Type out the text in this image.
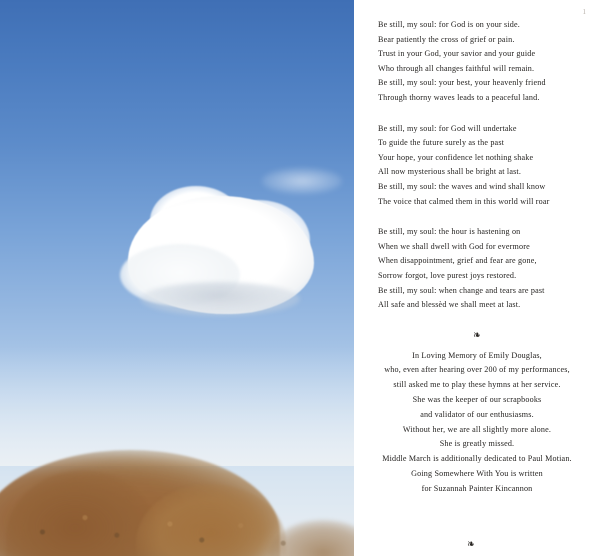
1
Be still, my soul: for God is on your side.
Bear patiently the cross of grief or pain.
Trust in your God, your savior and your guide
Who through all changes faithful will remain.
Be still, my soul: your best, your heavenly friend
Through thorny waves leads to a peaceful land.
Be still, my soul: for God will undertake
To guide the future surely as the past
Your hope, your confidence let nothing shake
All now mysterious shall be bright at last.
Be still, my soul: the waves and wind shall know
The voice that calmed them in this world will roar
Be still, my soul: the hour is hastening on
When we shall dwell with God for evermore
When disappointment, grief and fear are gone,
Sorrow forgot, love purest joys restored.
Be still, my soul: when change and tears are past
All safe and blessèd we shall meet at last.
❧
In Loving Memory of Emily Douglas,
who, even after hearing over 200 of my performances,
still asked me to play these hymns at her service.
She was the keeper of our scrapbooks
and validator of our enthusiasms.
Without her, we are all slightly more alone.
She is greatly missed.
Middle March is additionally dedicated to Paul Motian.
Going Somewhere With You is written
for Suzannah Painter Kincannon
❧
